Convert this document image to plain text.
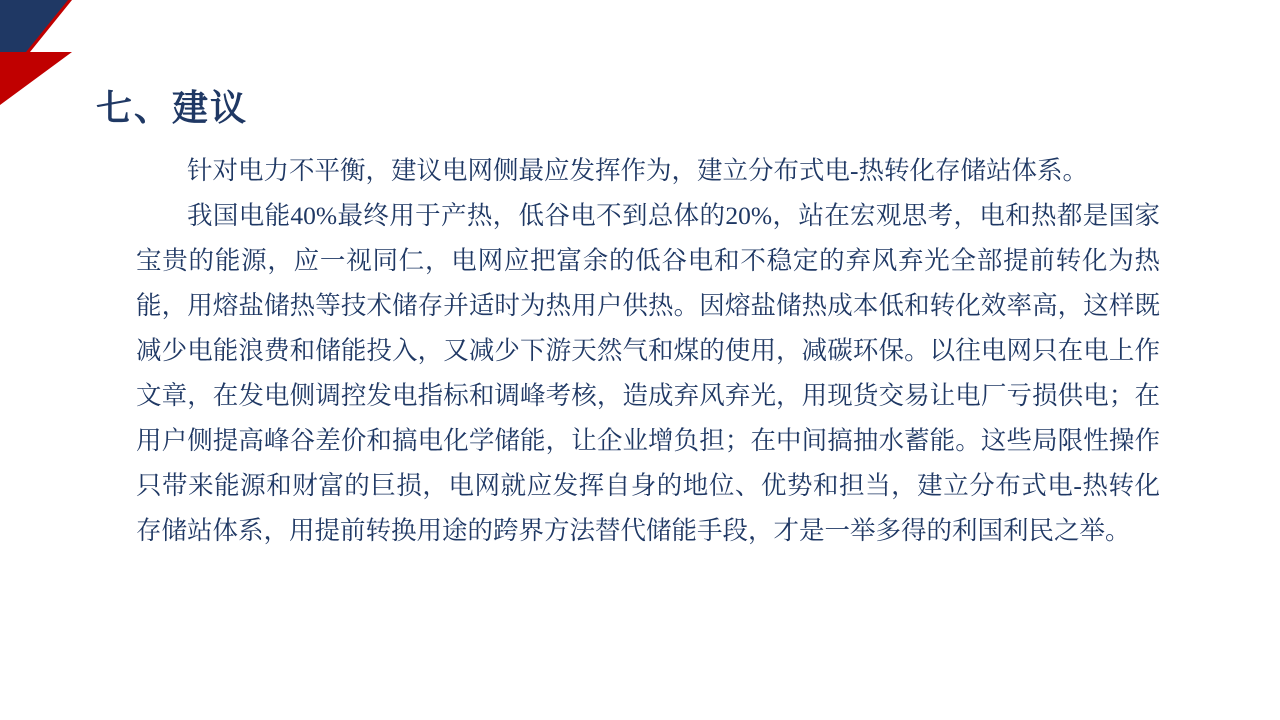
七、建议

针对电力不平衡，建议电网侧最应发挥作为，建立分布式电-热转化存储站体系。

我国电能40%最终用于产热，低谷电不到总体的20%，站在宏观思考，电和热都是国家宝贵的能源，应一视同仁，电网应把富余的低谷电和不稳定的弃风弃光全部提前转化为热能，用熔盐储热等技术储存并适时为热用户供热。因熔盐储热成本低和转化效率高，这样既减少电能浪费和储能投入，又减少下游天然气和煤的使用，减碳环保。以往电网只在电上作文章，在发电侧调控发电指标和调峰考核，造成弃风弃光，用现货交易让电厂亏损供电；在用户侧提高峰谷差价和搞电化学储能，让企业增负担；在中间搞抽水蓄能。这些局限性操作只带来能源和财富的巨损，电网就应发挥自身的地位、优势和担当，建立分布式电-热转化存储站体系，用提前转换用途的跨界方法替代储能手段，才是一举多得的利国利民之举。
